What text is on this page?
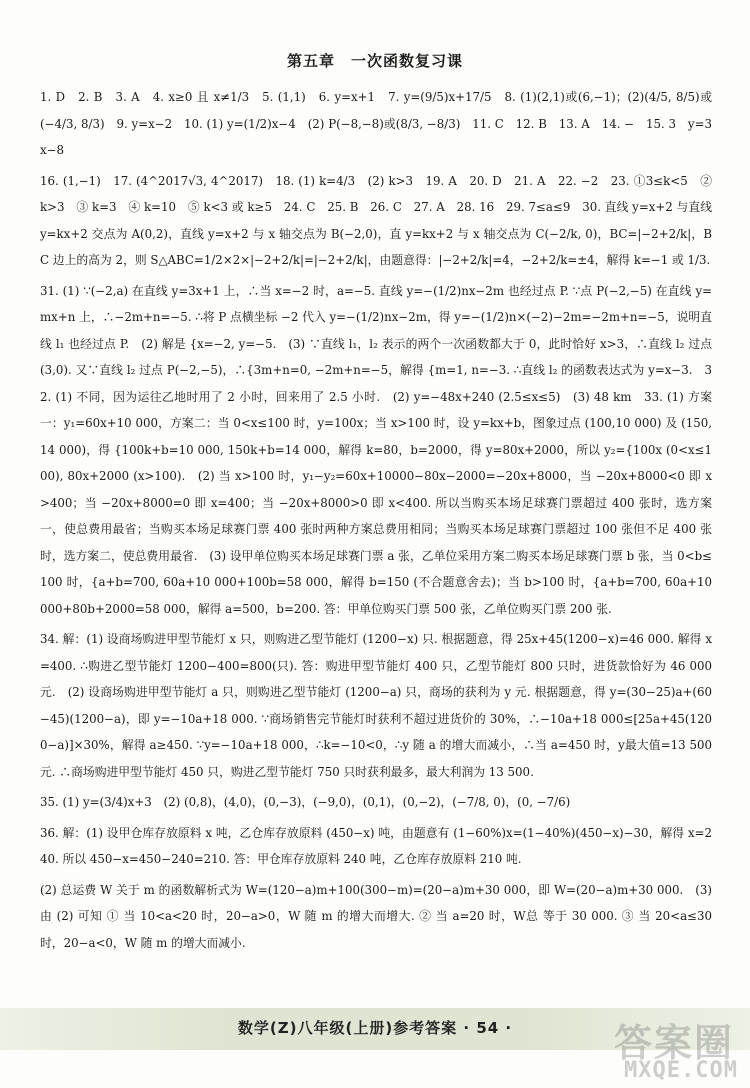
第五章　一次函数复习课

1. D　2. B　3. A　4. x≥0 且 x≠1/3　5. (1,1)　6. y=x+1　7. y=(9/5)x+17/5　8. (1)(2,1)或(6,−1)；(2)(4/5, 8/5)或(−4/3, 8/3)　9. y=x−2　10. (1) y=(1/2)x−4　(2) P(−8,−8)或(8/3, −8/3)　11. C　12. B　13. A　14. −　15. 3　y=3x−8

16. (1,−1)　17. (4^2017√3, 4^2017)　18. (1) k=4/3　(2) k>3　19. A　20. D　21. A　22. −2　23. ①3≤k<5　② k>3　③ k=3　④ k=10　⑤ k<3 或 k≥5　24. C　25. B　26. C　27. A　28. 16　29. 7≤a≤9　30. 直线 y=x+2 与直线 y=kx+2 交点为 A(0,2)，直线 y=x+2 与 x 轴交点为 B(−2,0)，直 y=kx+2 与 x 轴交点为 C(−2/k, 0)，BC=|−2+2/k|，BC 边上的高为 2，则 S△ABC=1/2×2×|−2+2/k|=|−2+2/k|，由题意得：|−2+2/k|=4，−2+2/k=±4，解得 k=−1 或 1/3.

31. (1) ∵(−2,a) 在直线 y=3x+1 上，∴当 x=−2 时，a=−5. 直线 y=−(1/2)nx−2m 也经过点 P. ∵点 P(−2,−5) 在直线 y=mx+n 上，∴−2m+n=−5. ∴将 P 点横坐标 −2 代入 y=−(1/2)nx−2m，得 y=−(1/2)n×(−2)−2m=−2m+n=−5，说明直线 l₁ 也经过点 P.　(2) 解是 {x=−2, y=−5.　(3) ∵直线 l₁，l₂ 表示的两个一次函数都大于 0，此时恰好 x>3，∴直线 l₂ 过点 (3,0). 又∵直线 l₂ 过点 P(−2,−5)，∴{3m+n=0, −2m+n=−5，解得 {m=1, n=−3. ∴直线 l₂ 的函数表达式为 y=x−3.　32. (1) 不同，因为运往乙地时用了 2 小时，回来用了 2.5 小时.　(2) y=−48x+240 (2.5≤x≤5)　(3) 48 km　33. (1) 方案一：y₁=60x+10 000，方案二：当 0<x≤100 时，y=100x；当 x>100 时，设 y=kx+b，图象过点 (100,10 000) 及 (150,14 000)，得 {100k+b=10 000, 150k+b=14 000，解得 k=80，b=2000，得 y=80x+2000，所以 y₂={100x (0<x≤100), 80x+2000 (x>100).　(2) 当 x>100 时，y₁−y₂=60x+10000−80x−2000=−20x+8000，当 −20x+8000<0 即 x>400；当 −20x+8000=0 即 x=400；当 −20x+8000>0 即 x<400. 所以当购买本场足球赛门票超过 400 张时，选方案一，使总费用最省；当购买本场足球赛门票 400 张时两种方案总费用相同；当购买本场足球赛门票超过 100 张但不足 400 张时，选方案二，使总费用最省.　(3) 设甲单位购买本场足球赛门票 a 张，乙单位采用方案二购买本场足球赛门票 b 张，当 0<b≤100 时，{a+b=700, 60a+10 000+100b=58 000，解得 b=150 (不合题意舍去)；当 b>100 时，{a+b=700, 60a+10 000+80b+2000=58 000，解得 a=500，b=200. 答：甲单位购买门票 500 张，乙单位购买门票 200 张.

34. 解：(1) 设商场购进甲型节能灯 x 只，则购进乙型节能灯 (1200−x) 只. 根据题意，得 25x+45(1200−x)=46 000. 解得 x=400. ∴购进乙型节能灯 1200−400=800(只). 答：购进甲型节能灯 400 只，乙型节能灯 800 只时，进货款恰好为 46 000 元.　(2) 设商场购进甲型节能灯 a 只，则购进乙型节能灯 (1200−a) 只，商场的获利为 y 元. 根据题意，得 y=(30−25)a+(60−45)(1200−a)，即 y=−10a+18 000. ∵商场销售完节能灯时获利不超过进货价的 30%，∴−10a+18 000≤[25a+45(1200−a)]×30%，解得 a≥450. ∵y=−10a+18 000，∴k=−10<0，∴y 随 a 的增大而减小，∴当 a=450 时，y最大值=13 500 元. ∴商场购进甲型节能灯 450 只，购进乙型节能灯 750 只时获利最多，最大利润为 13 500.

35. (1) y=(3/4)x+3　(2) (0,8)，(4,0)，(0,−3)，(−9,0)，(0,1)，(0,−2)，(−7/8, 0)，(0, −7/6)

36. 解：(1) 设甲仓库存放原料 x 吨，乙仓库存放原料 (450−x) 吨，由题意有 (1−60%)x=(1−40%)(450−x)−30，解得 x=240. 所以 450−x=450−240=210. 答：甲仓库存放原料 240 吨，乙仓库存放原料 210 吨.

(2) 总运费 W 关于 m 的函数解析式为 W=(120−a)m+100(300−m)=(20−a)m+30 000，即 W=(20−a)m+30 000.　(3) 由 (2) 可知 ① 当 10<a<20 时，20−a>0，W 随 m 的增大而增大. ② 当 a=20 时，W总 等于 30 000. ③ 当 20<a≤30 时，20−a<0，W 随 m 的增大而减小.

数学(Z)八年级(上册)参考答案 · 54 ·	答案圈
MXQE.COM
